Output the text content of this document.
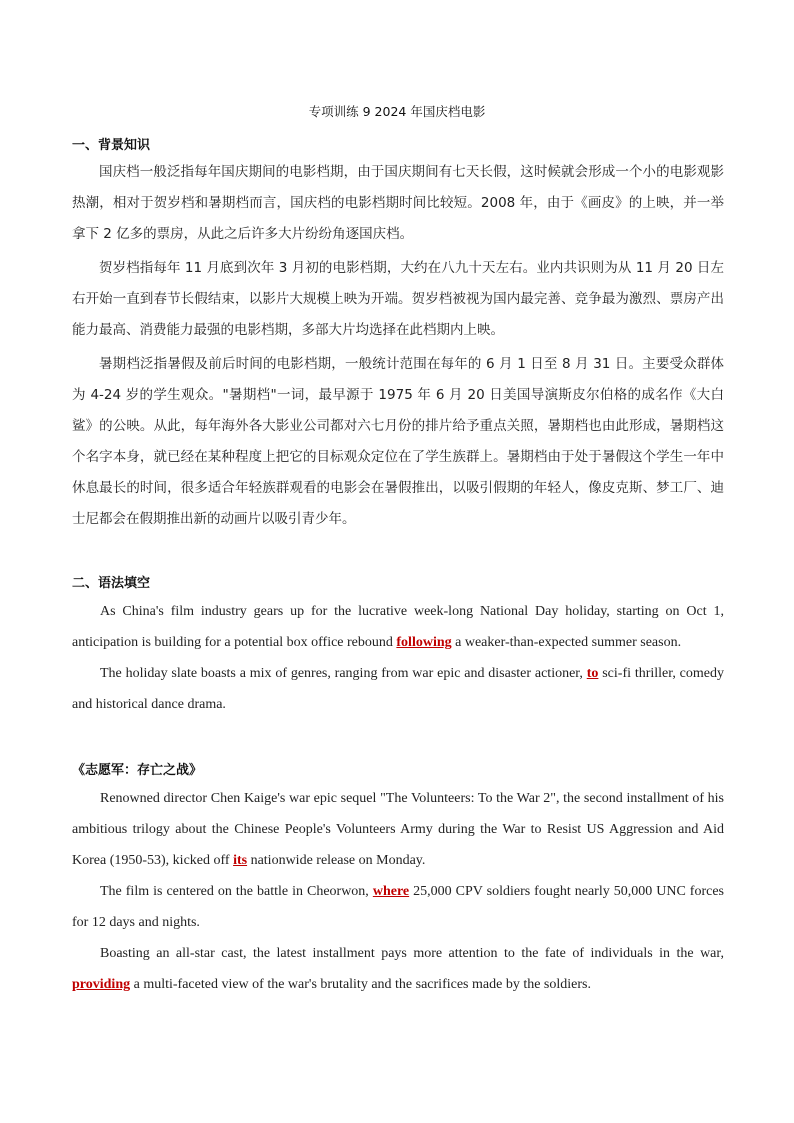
专项训练 9 2024 年国庆档电影
一、背景知识

国庆档一般泛指每年国庆期间的电影档期，由于国庆期间有七天长假，这时候就会形成一个小的电影观影热潮，相对于贺岁档和暑期档而言，国庆档的电影档期时间比较短。2008 年，由于《画皮》的上映，并一举拿下 2 亿多的票房，从此之后许多大片纷纷角逐国庆档。

贺岁档指每年 11 月底到次年 3 月初的电影档期，大约在八九十天左右。业内共识则为从 11 月 20 日左右开始一直到春节长假结束，以影片大规模上映为开端。贺岁档被视为国内最完善、竞争最为激烈、票房产出能力最高、消费能力最强的电影档期，多部大片均选择在此档期内上映。

暑期档泛指暑假及前后时间的电影档期，一般统计范围在每年的 6 月 1 日至 8 月 31 日。主要受众群体为 4-24 岁的学生观众。"暑期档"一词，最早源于 1975 年 6 月 20 日美国导演斯皮尔伯格的成名作《大白鲨》的公映。从此，每年海外各大影业公司都对六七月份的排片给予重点关照，暑期档也由此形成，暑期档这个名字本身，就已经在某种程度上把它的目标观众定位在了学生族群上。暑期档由于处于暑假这个学生一年中休息最长的时间，很多适合年轻族群观看的电影会在暑假推出，以吸引假期的年轻人，像皮克斯、梦工厂、迪士尼都会在假期推出新的动画片以吸引青少年。

二、语法填空

As China's film industry gears up for the lucrative week-long National Day holiday, starting on Oct 1, anticipation is building for a potential box office rebound following a weaker-than-expected summer season.

The holiday slate boasts a mix of genres, ranging from war epic and disaster actioner, to sci-fi thriller, comedy and historical dance drama.

《志愿军：存亡之战》

Renowned director Chen Kaige's war epic sequel "The Volunteers: To the War 2", the second installment of his ambitious trilogy about the Chinese People's Volunteers Army during the War to Resist US Aggression and Aid Korea (1950-53), kicked off its nationwide release on Monday.

The film is centered on the battle in Cheorwon, where 25,000 CPV soldiers fought nearly 50,000 UNC forces for 12 days and nights.

Boasting an all-star cast, the latest installment pays more attention to the fate of individuals in the war, providing a multi-faceted view of the war's brutality and the sacrifices made by the soldiers.
